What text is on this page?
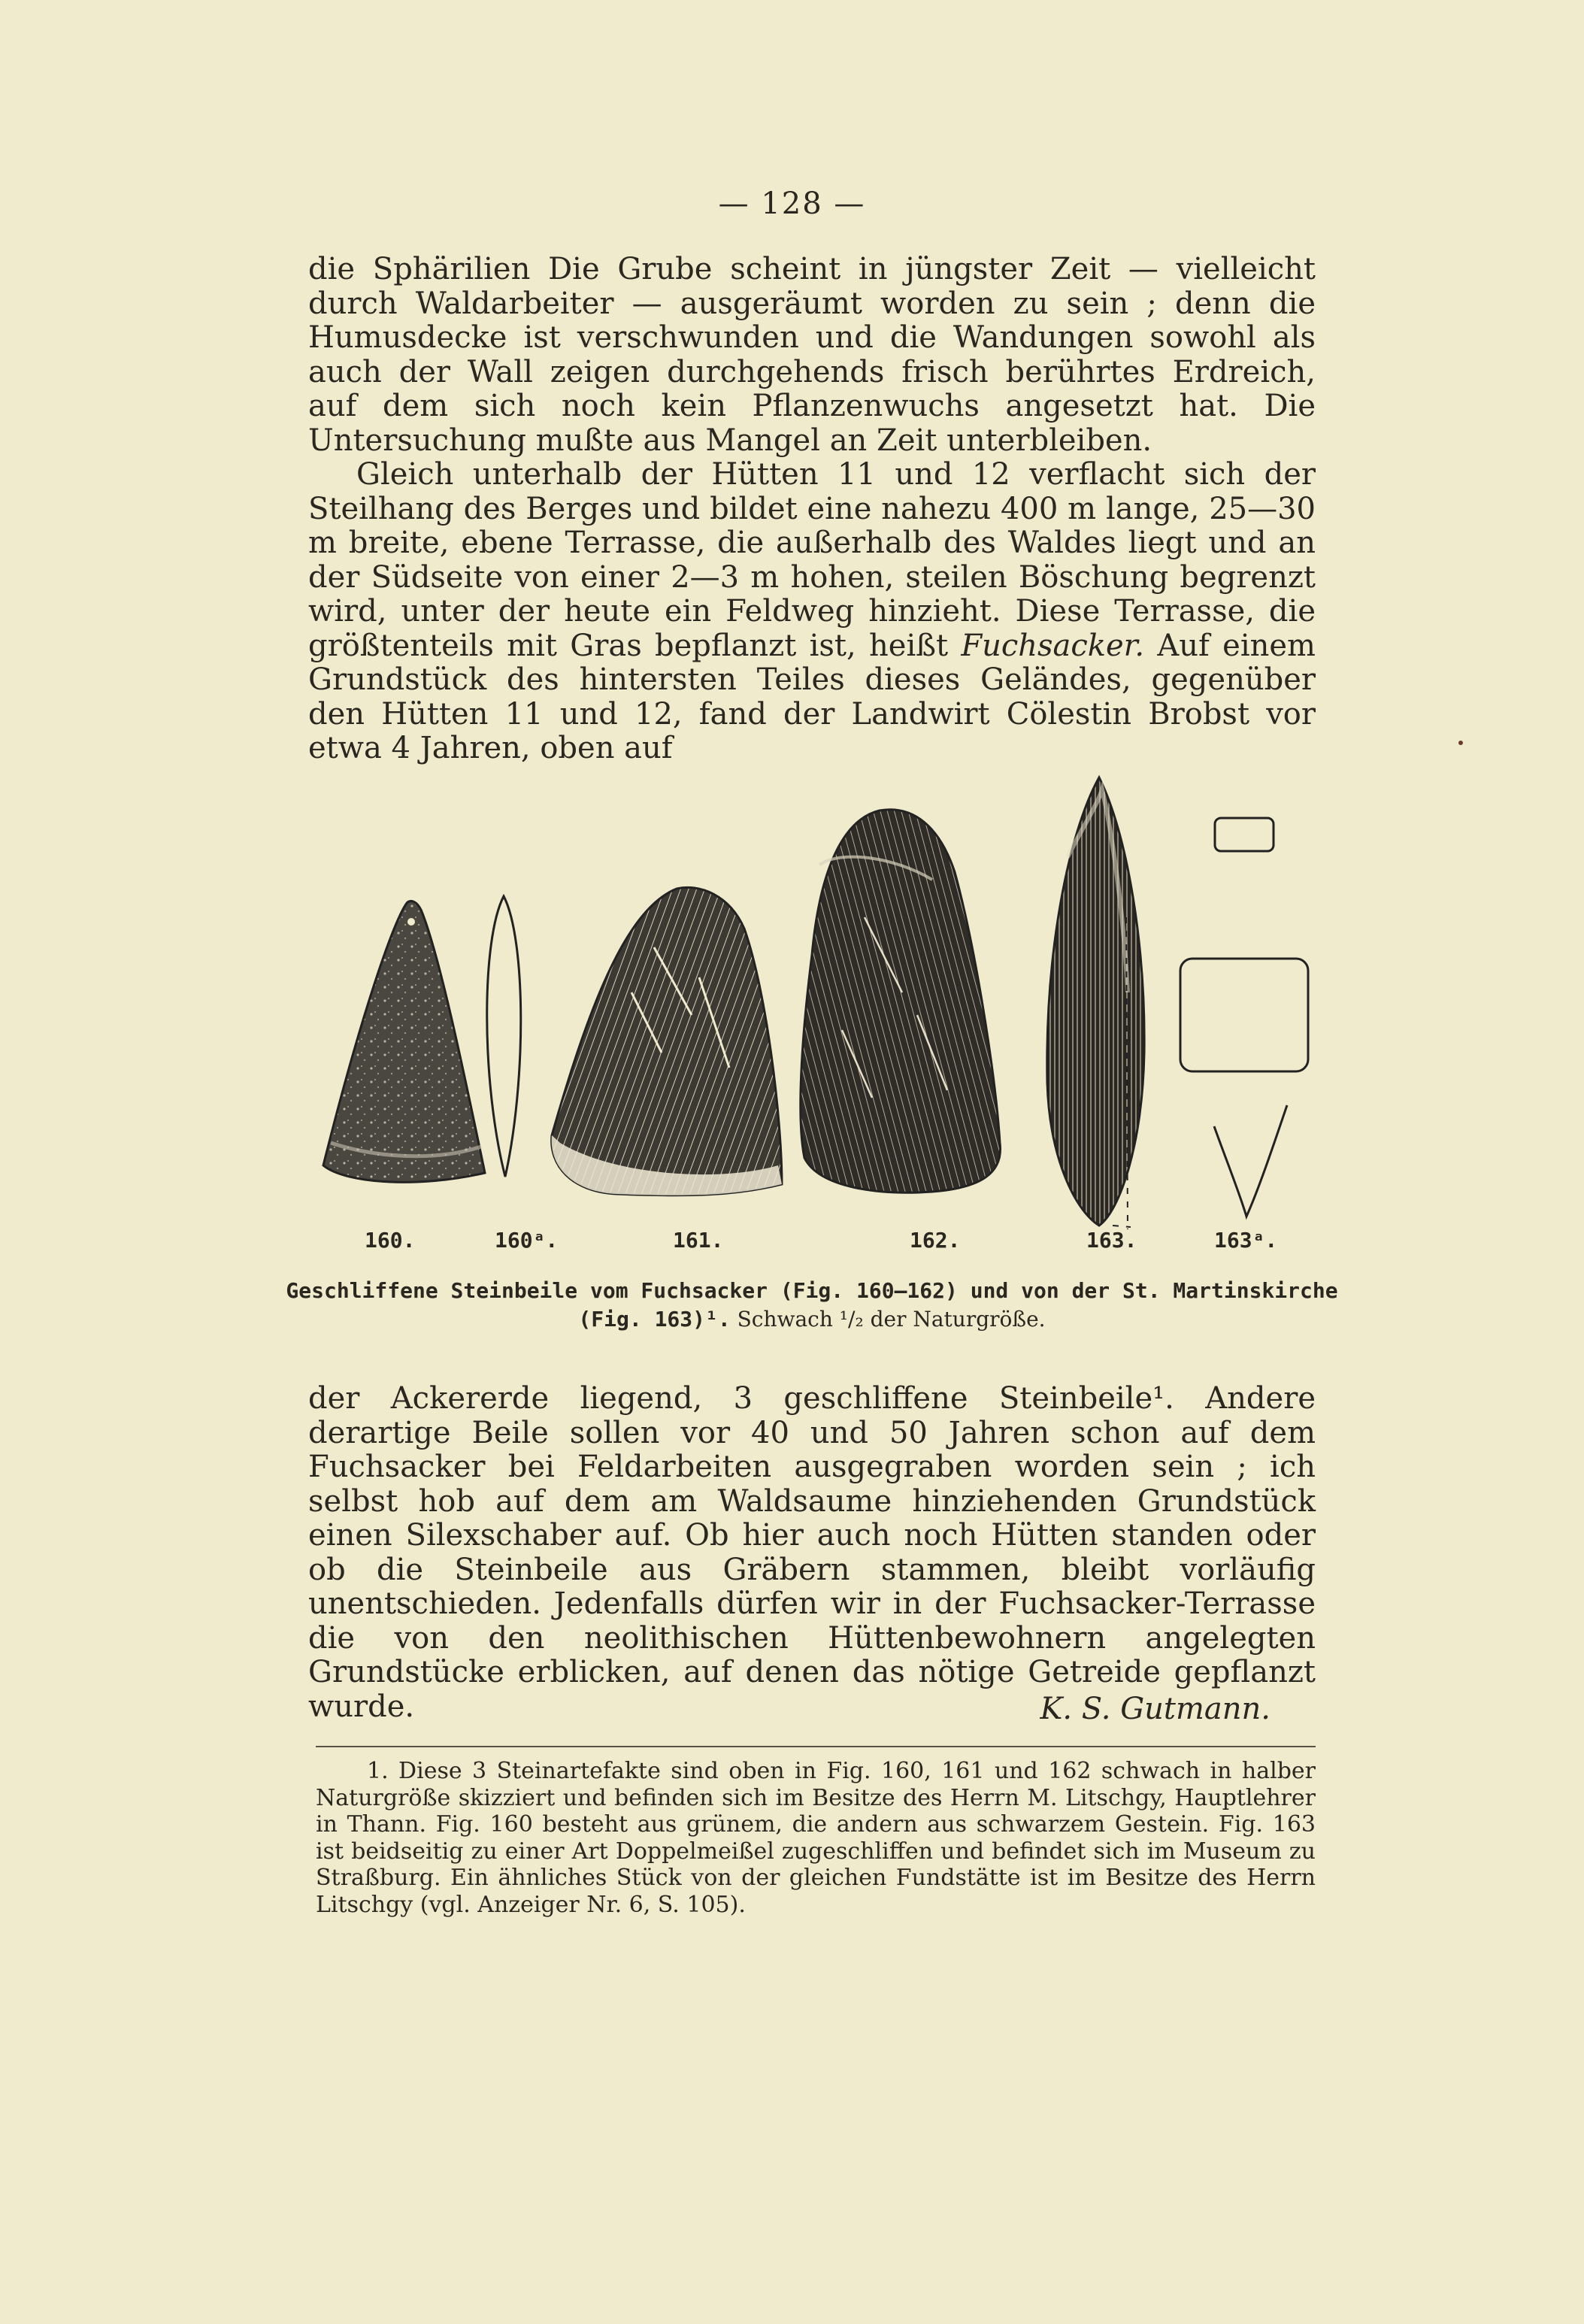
— 128 —

die Sphärilien Die Grube scheint in jüngster Zeit — vielleicht durch Waldarbeiter — ausgeräumt worden zu sein ; denn die Humusdecke ist verschwunden und die Wandungen sowohl als auch der Wall zeigen durchgehends frisch berührtes Erdreich, auf dem sich noch kein Pflanzenwuchs angesetzt hat. Die Untersuchung mußte aus Mangel an Zeit unterbleiben.

Gleich unterhalb der Hütten 11 und 12 verflacht sich der Steilhang des Berges und bildet eine nahezu 400 m lange, 25—30 m breite, ebene Terrasse, die außerhalb des Waldes liegt und an der Südseite von einer 2—3 m hohen, steilen Böschung begrenzt wird, unter der heute ein Feldweg hinzieht. Diese Terrasse, die größtenteils mit Gras bepflanzt ist, heißt Fuchsacker. Auf einem Grundstück des hintersten Teiles dieses Geländes, gegenüber den Hütten 11 und 12, fand der Landwirt Cölestin Brobst vor etwa 4 Jahren, oben auf

160.	160ᵃ.	161.	162.	163.	163ᵃ.
Geschliffene Steinbeile vom Fuchsacker (Fig. 160—162) und von der St. Martinskirche (Fig. 163)¹. Schwach ¹/₂ der Naturgröße.

der Ackererde liegend, 3 geschliffene Steinbeile¹. Andere derartige Beile sollen vor 40 und 50 Jahren schon auf dem Fuchsacker bei Feldarbeiten ausgegraben worden sein ; ich selbst hob auf dem am Waldsaume hinziehenden Grundstück einen Silexschaber auf. Ob hier auch noch Hütten standen oder ob die Steinbeile aus Gräbern stammen, bleibt vorläufig unentschieden. Jedenfalls dürfen wir in der Fuchsacker-Terrasse die von den neolithischen Hüttenbewohnern angelegten Grundstücke erblicken, auf denen das nötige Getreide gepflanzt wurde.	K. S. Gutmann.

1. Diese 3 Steinartefakte sind oben in Fig. 160, 161 und 162 schwach in halber Naturgröße skizziert und befinden sich im Besitze des Herrn M. Litschgy, Hauptlehrer in Thann. Fig. 160 besteht aus grünem, die andern aus schwarzem Gestein. Fig. 163 ist beidseitig zu einer Art Doppelmeißel zugeschliffen und befindet sich im Museum zu Straßburg. Ein ähnliches Stück von der gleichen Fundstätte ist im Besitze des Herrn Litschgy (vgl. Anzeiger Nr. 6, S. 105).
